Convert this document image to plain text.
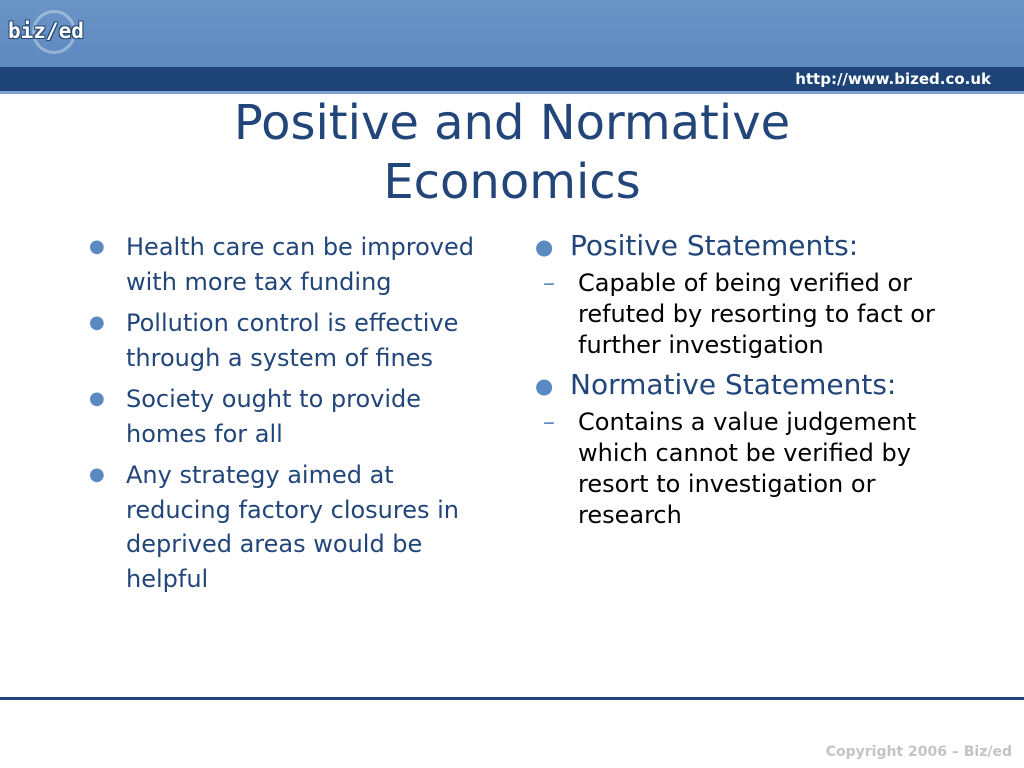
biz/ed
http://www.bized.co.uk
Positive and Normative
Economics
● Health care can be improved with more tax funding
● Pollution control is effective through a system of fines
● Society ought to provide homes for all
● Any strategy aimed at reducing factory closures in deprived areas would be helpful
● Positive Statements:
– Capable of being verified or refuted by resorting to fact or further investigation
● Normative Statements:
– Contains a value judgement which cannot be verified by resort to investigation or research
Copyright 2006 – Biz/ed
